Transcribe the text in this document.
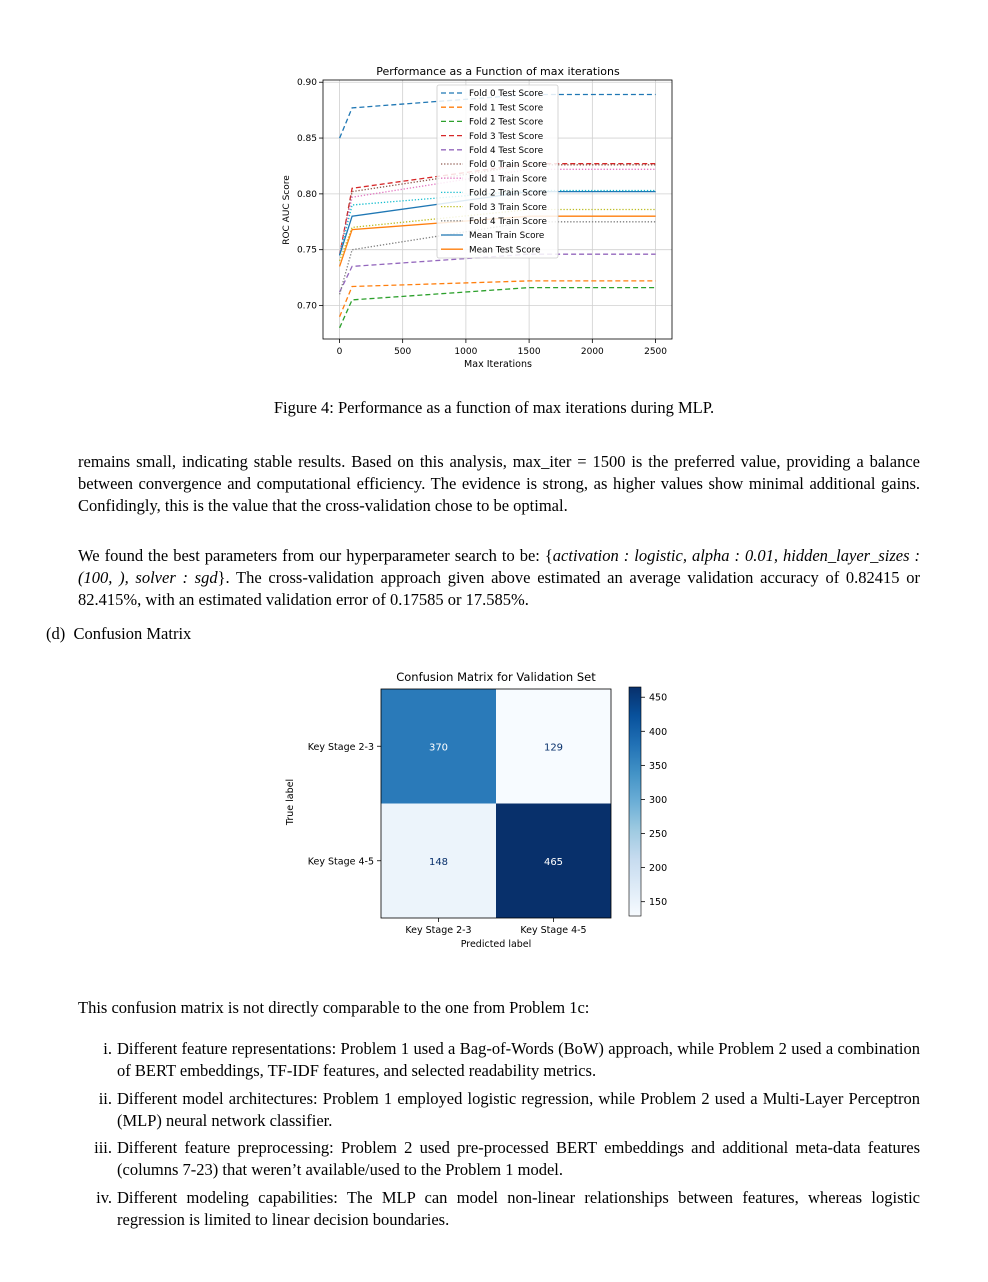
Performance as a Function of max iterations
0	500	1000	1500	2000	2500
0.70
0.75
0.80
0.85
0.90
Max Iterations
ROC AUC Score
Fold 0 Test Score
Fold 1 Test Score
Fold 2 Test Score
Fold 3 Test Score
Fold 4 Test Score
Fold 0 Train Score
Fold 1 Train Score
Fold 2 Train Score
Fold 3 Train Score
Fold 4 Train Score
Mean Train Score
Mean Test Score
Figure 4: Performance as a function of max iterations during MLP.
remains small, indicating stable results. Based on this analysis, max_iter = 1500 is the preferred value, providing a balance between convergence and computational efficiency. The evidence is strong, as higher values show minimal additional gains. Confidingly, this is the value that the cross-validation chose to be optimal.
We found the best parameters from our hyperparameter search to be: {activation : logistic, alpha : 0.01, hidden_layer_sizes : (100, ), solver : sgd}. The cross-validation approach given above estimated an average validation accuracy of 0.82415 or 82.415%, with an estimated validation error of 0.17585 or 17.585%.
(d) Confusion Matrix
Confusion Matrix for Validation Set
370	129
148	465
Key Stage 2-3
Key Stage 4-5
Key Stage 2-3	Key Stage 4-5
Predicted label
True label
150
200
250
300
350
400
450
This confusion matrix is not directly comparable to the one from Problem 1c:
i. Different feature representations: Problem 1 used a Bag-of-Words (BoW) approach, while Problem 2 used a combination of BERT embeddings, TF-IDF features, and selected readability metrics.
ii. Different model architectures: Problem 1 employed logistic regression, while Problem 2 used a Multi-Layer Perceptron (MLP) neural network classifier.
iii. Different feature preprocessing: Problem 2 used pre-processed BERT embeddings and additional meta-data features (columns 7-23) that weren’t available/used to the Problem 1 model.
iv. Different modeling capabilities: The MLP can model non-linear relationships between features, whereas logistic regression is limited to linear decision boundaries.
